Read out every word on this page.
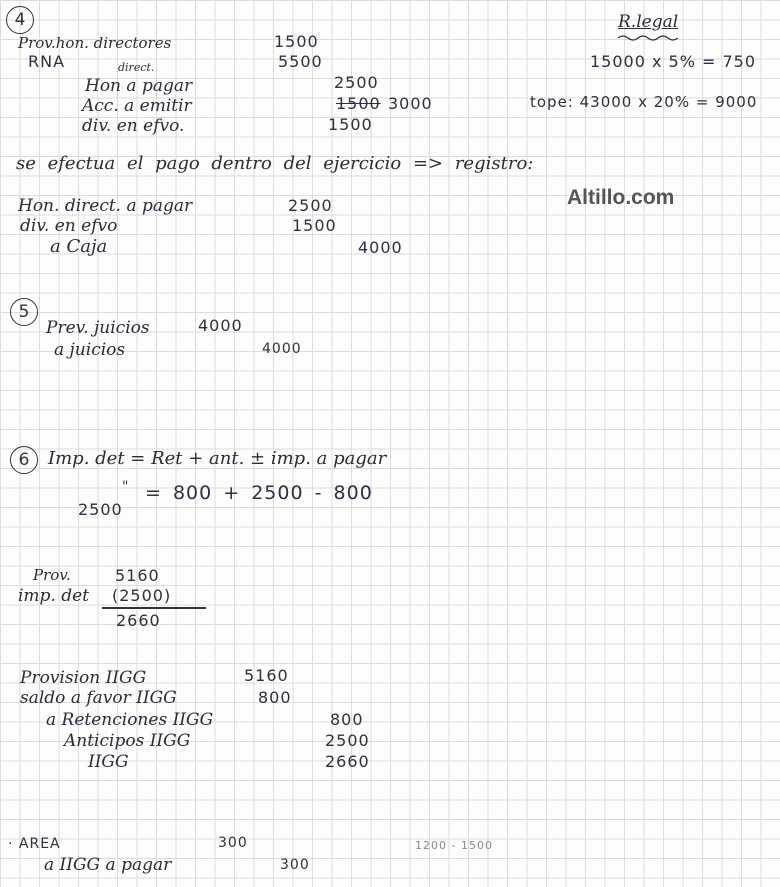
4	R.legal
15000 x 5% = 750
tope: 43000 x 20% = 9000
Prov.hon. directores	1500
RNA	5500
direct.
Hon a pagar	2500
Acc. a emitir	1500 3000
div. en efvo.	1500
se efectua el pago dentro del ejercicio => registro:
Altillo.com
Hon. direct. a pagar	2500
div. en efvo	1500
a Caja	4000
5
Prev. juicios	4000
a juicios	4000
6	Imp. det = Ret + ant. ± imp. a pagar
" = 800 + 2500 - 800
2500
Prov.	5160
imp. det (2500)
2660
Provision IIGG	5160
saldo a favor IIGG	800
a Retenciones IIGG	800
Anticipos IIGG	2500
IIGG	2660
· AREA	300	1200 - 1500
a IIGG a pagar	300
